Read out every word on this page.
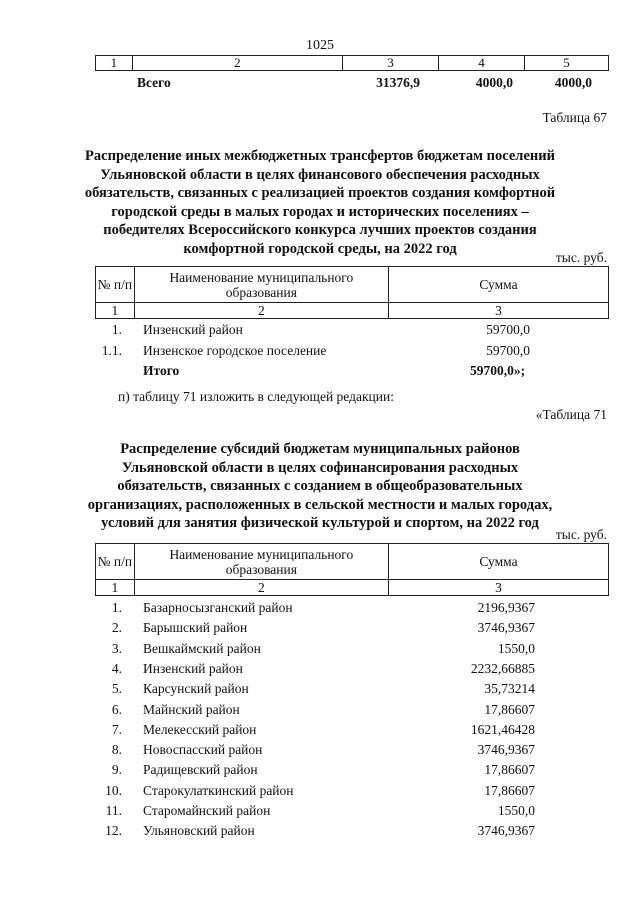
1025
1	2	3	4	5
Всего	31376,9	4000,0	4000,0
Таблица 67
Распределение иных межбюджетных трансфертов бюджетам поселений Ульяновской области в целях финансового обеспечения расходных обязательств, связанных с реализацией проектов создания комфортной городской среды в малых городах и исторических поселениях – победителях Всероссийского конкурса лучших проектов создания комфортной городской среды, на 2022 год
тыс. руб.
№ п/п	Наименование муниципального образования	Сумма
1	2	3
1. Инзенский район	59700,0
1.1. Инзенское городское поселение	59700,0
Итого	59700,0»;
п) таблицу 71 изложить в следующей редакции:
«Таблица 71
Распределение субсидий бюджетам муниципальных районов Ульяновской области в целях софинансирования расходных обязательств, связанных с созданием в общеобразовательных организациях, расположенных в сельской местности и малых городах, условий для занятия физической культурой и спортом, на 2022 год
тыс. руб.
№ п/п	Наименование муниципального образования	Сумма
1	2	3
1. Базарносызганский район	2196,9367
2. Барышский район	3746,9367
3. Вешкаймский район	1550,0
4. Инзенский район	2232,66885
5. Карсунский район	35,73214
6. Майнский район	17,86607
7. Мелекесский район	1621,46428
8. Новоспасский район	3746,9367
9. Радищевский район	17,86607
10. Старокулаткинский район	17,86607
11. Старомайнский район	1550,0
12. Ульяновский район	3746,9367
